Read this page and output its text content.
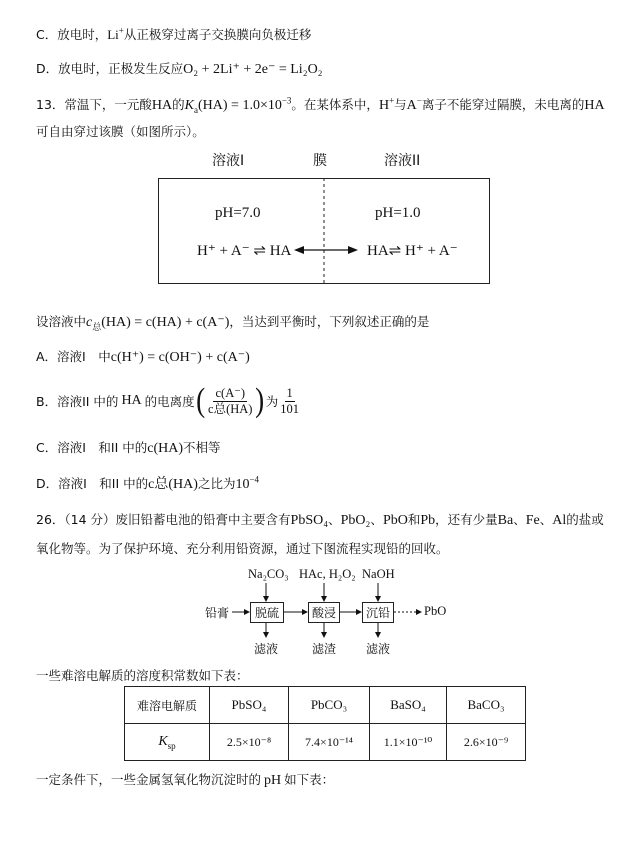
C．放电时，Li+从正极穿过离子交换膜向负极迁移
D．放电时，正极发生反应O₂ + 2Li⁺ + 2e⁻ = Li₂O₂
13．常温下，一元酸HA的$K_a(HA) = 1.0\times 10^{-3}$。在某体系中，H+与A−离子不能穿过隔膜，未电离的HA
可自由穿过该膜（如图所示）。
溶液I	膜	溶液II
pH=7.0	pH=1.0
H⁺ + A⁻ ⇌ HA	HA⇌ H⁺ + A⁻
设溶液中$c_总(HA) = c(HA) + c(A^-)$，当达到平衡时，下列叙述正确的是
A．溶液I　中c(H⁺) = c(OH⁻) + c(A⁻)
B．溶液II 中的 HA 的电离度 ( $\frac{c(A^-)}{\text{c总(HA)}}$ ) 为 $\frac{1}{101}$
C．溶液I　和II 中的c(HA)不相等
D．溶液I　和II 中的c总(HA)之比为$10^{-4}$
26．（14 分）废旧铅蓄电池的铅膏中主要含有PbSO₄、PbO₂、PbO和Pb，还有少量Ba、Fe、Al的盐或
氧化物等。为了保护环境、充分利用铅资源，通过下图流程实现铅的回收。
Na₂CO₃ HAc, H₂O₂ NaOH
铅膏	脱硫	酸浸	沉铅	PbO
滤液	滤渣 滤液
一些难溶电解质的溶度积常数如下表：
难溶电解质	PbSO₄	PbCO₃	BaSO₄	BaCO₃
$K_{sp}$	2.5×10⁻⁸	7.4×10⁻¹⁴	1.1×10⁻¹⁰	2.6×10⁻⁹
一定条件下，一些金属氢氧化物沉淀时的 pH 如下表：
